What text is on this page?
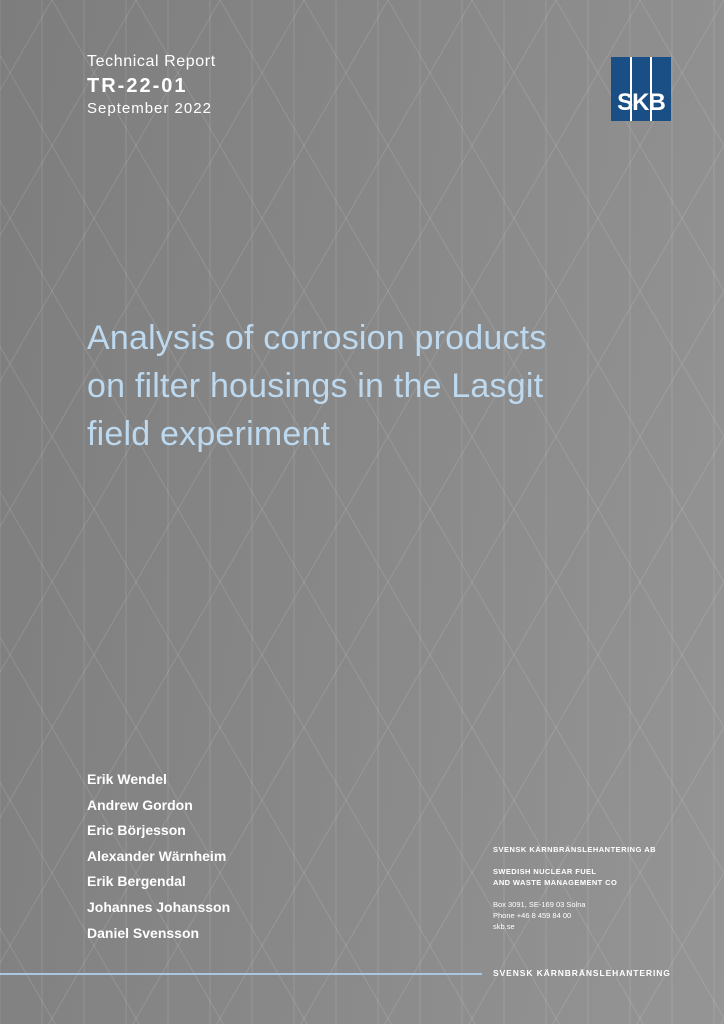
Technical Report
TR-22-01
September 2022	SKB
Analysis of corrosion products
on filter housings in the Lasgit
field experiment
Erik Wendel
Andrew Gordon
Eric Börjesson
Alexander Wärnheim
Erik Bergendal
Johannes Johansson
Daniel Svensson
SVENSK KÄRNBRÄNSLEHANTERING AB
SWEDISH NUCLEAR FUEL
AND WASTE MANAGEMENT CO
Box 3091, SE-169 03 Solna
Phone +46 8 459 84 00
skb.se
SVENSK KÄRNBRÄNSLEHANTERING
